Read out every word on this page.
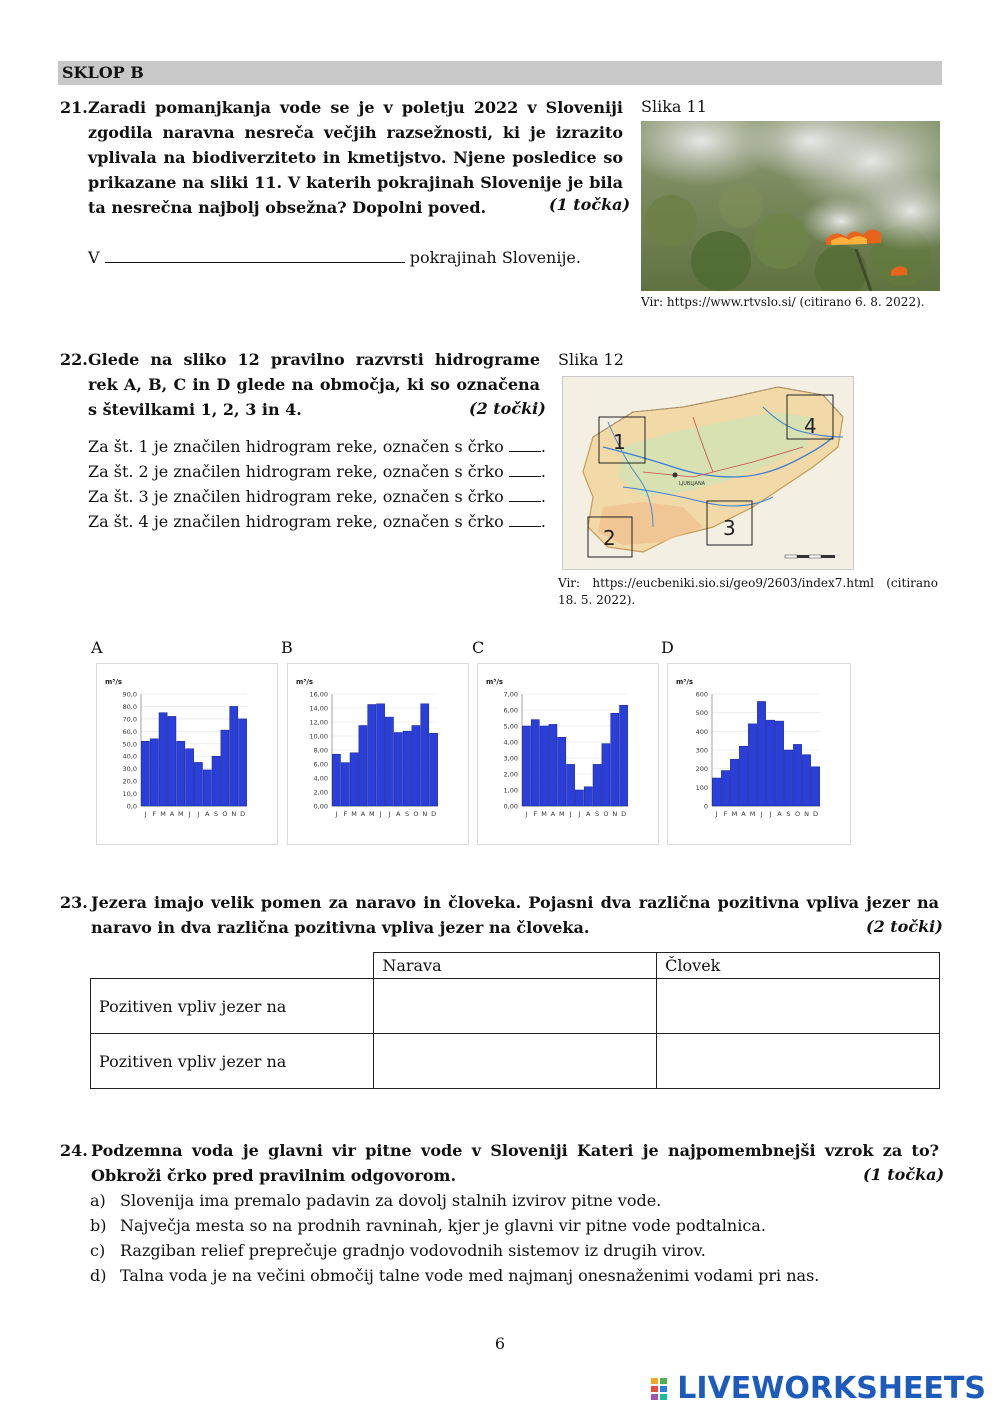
SKLOP B
21. Zaradi pomanjkanja vode se je v poletju 2022 v Sloveniji zgodila naravna nesreča večjih razsežnosti, ki je izrazito vplivala na biodiverziteto in kmetijstvo. Njene posledice so prikazane na sliki 11. V katerih pokrajinah Slovenije je bila ta nesrečna najbolj obsežna? Dopolni poved.	(1 točka)
V	pokrajinah Slovenije.
Slika 11
Vir: https://www.rtvslo.si/ (citirano 6. 8. 2022).
22. Glede na sliko 12 pravilno razvrsti hidrograme rek A, B, C in D glede na območja, ki so označena s številkami 1, 2, 3 in 4.	(2 točki)
Za št. 1 je značilen hidrogram reke, označen s črko .
Za št. 2 je značilen hidrogram reke, označen s črko .
Za št. 3 je značilen hidrogram reke, označen s črko .
Za št. 4 je značilen hidrogram reke, označen s črko .
Slika 12
LJUBLJANA
1
2	3
4
Vir: https://eucbeniki.sio.si/geo9/2603/index7.html (citirano 18. 5. 2022).
A	B	C	D
m³/s
90,0
80,0
70,0
60,0
50,0
40,0
30,0
20,0
10,0
0,0
J F M A M J J A S O N D
m³/s
16,00
14,00
12,00
10,00
8,00
6,00
4,00
2,00
0,00
J F M A M J J A S O N D
m³/s
7,00
6,00
5,00
4,00
3,00
2,00
1,00
0,00
J F M A M J J A S O N D
m³/s
600
500
400
300
200
100
0
J F M A M J J A S O N D
23. Jezera imajo velik pomen za naravo in človeka. Pojasni dva različna pozitivna vpliva jezer na naravo in dva različna pozitivna vpliva jezer na človeka.	(2 točki)
	Narava	Človek
Pozitiven vpliv jezer na		
Pozitiven vpliv jezer na		
24. Podzemna voda je glavni vir pitne vode v Sloveniji Kateri je najpomembnejši vzrok za to? Obkroži črko pred pravilnim odgovorom.	(1 točka)
a) Slovenija ima premalo padavin za dovolj stalnih izvirov pitne vode.
b) Največja mesta so na prodnih ravninah, kjer je glavni vir pitne vode podtalnica.
c) Razgiban relief preprečuje gradnjo vodovodnih sistemov iz drugih virov.
d) Talna voda je na večini območij talne vode med najmanj onesnaženimi vodami pri nas.
6
LIVEWORKSHEETS
